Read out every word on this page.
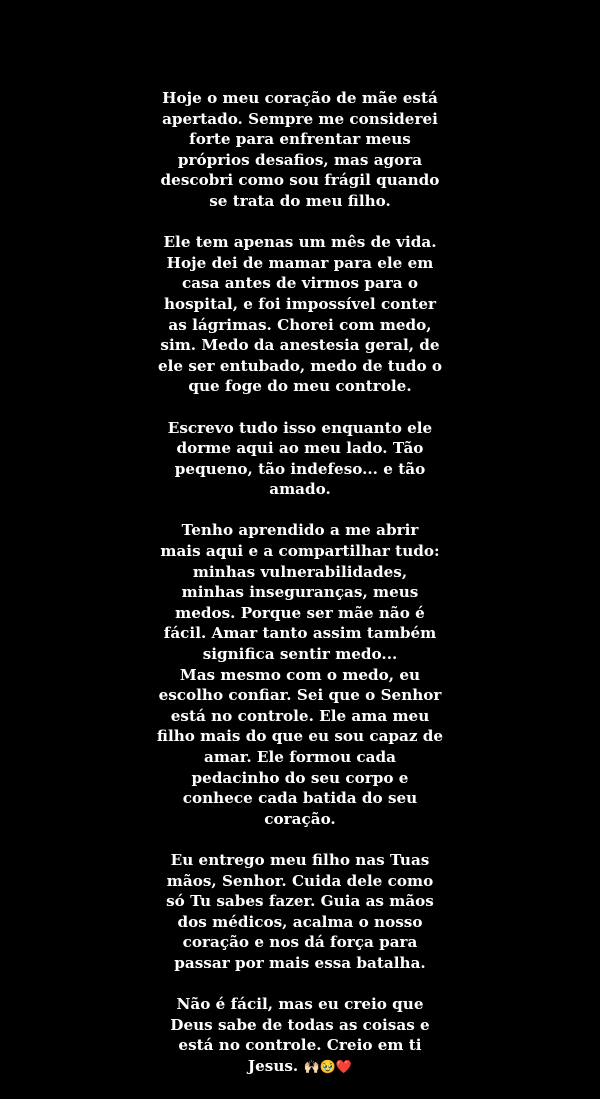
Hoje o meu coração de mãe está
apertado. Sempre me considerei
forte para enfrentar meus
próprios desafios, mas agora
descobri como sou frágil quando
se trata do meu filho.

Ele tem apenas um mês de vida.
Hoje dei de mamar para ele em
casa antes de virmos para o
hospital, e foi impossível conter
as lágrimas. Chorei com medo,
sim. Medo da anestesia geral, de
ele ser entubado, medo de tudo o
que foge do meu controle.

Escrevo tudo isso enquanto ele
dorme aqui ao meu lado. Tão
pequeno, tão indefeso... e tão
amado.

Tenho aprendido a me abrir
mais aqui e a compartilhar tudo:
minhas vulnerabilidades,
minhas inseguranças, meus
medos. Porque ser mãe não é
fácil. Amar tanto assim também
significa sentir medo...
Mas mesmo com o medo, eu
escolho confiar. Sei que o Senhor
está no controle. Ele ama meu
filho mais do que eu sou capaz de
amar. Ele formou cada
pedacinho do seu corpo e
conhece cada batida do seu
coração.

Eu entrego meu filho nas Tuas
mãos, Senhor. Cuida dele como
só Tu sabes fazer. Guia as mãos
dos médicos, acalma o nosso
coração e nos dá força para
passar por mais essa batalha.

Não é fácil, mas eu creio que
Deus sabe de todas as coisas e
está no controle. Creio em ti
Jesus. 🙌🏻🥹❤️
